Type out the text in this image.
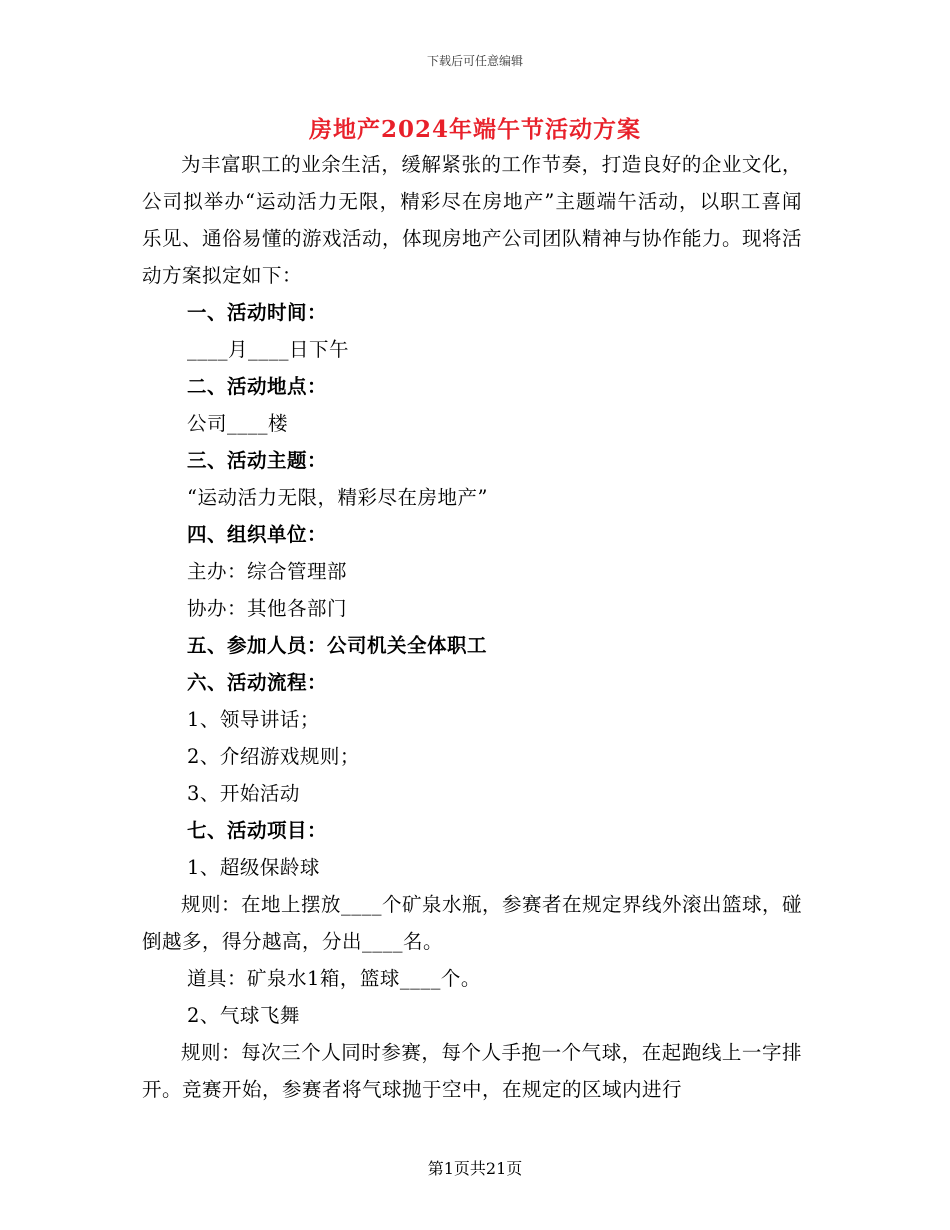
下载后可任意编辑
房地产2024年端午节活动方案

为丰富职工的业余生活，缓解紧张的工作节奏，打造良好的企业文化，公司拟举办“运动活力无限，精彩尽在房地产”主题端午活动，以职工喜闻乐见、通俗易懂的游戏活动，体现房地产公司团队精神与协作能力。现将活动方案拟定如下：

一、活动时间：

____月____日下午

二、活动地点：

公司____楼

三、活动主题：

“运动活力无限，精彩尽在房地产”

四、组织单位：

主办：综合管理部

协办：其他各部门

五、参加人员：公司机关全体职工

六、活动流程：

1、领导讲话；

2、介绍游戏规则；

3、开始活动

七、活动项目：

1、超级保龄球

规则：在地上摆放____个矿泉水瓶，参赛者在规定界线外滚出篮球，碰倒越多，得分越高，分出____名。

道具：矿泉水1箱，篮球____个。

2、气球飞舞

规则：每次三个人同时参赛，每个人手抱一个气球，在起跑线上一字排开。竞赛开始，参赛者将气球抛于空中，在规定的区域内进行

第1页共21页
